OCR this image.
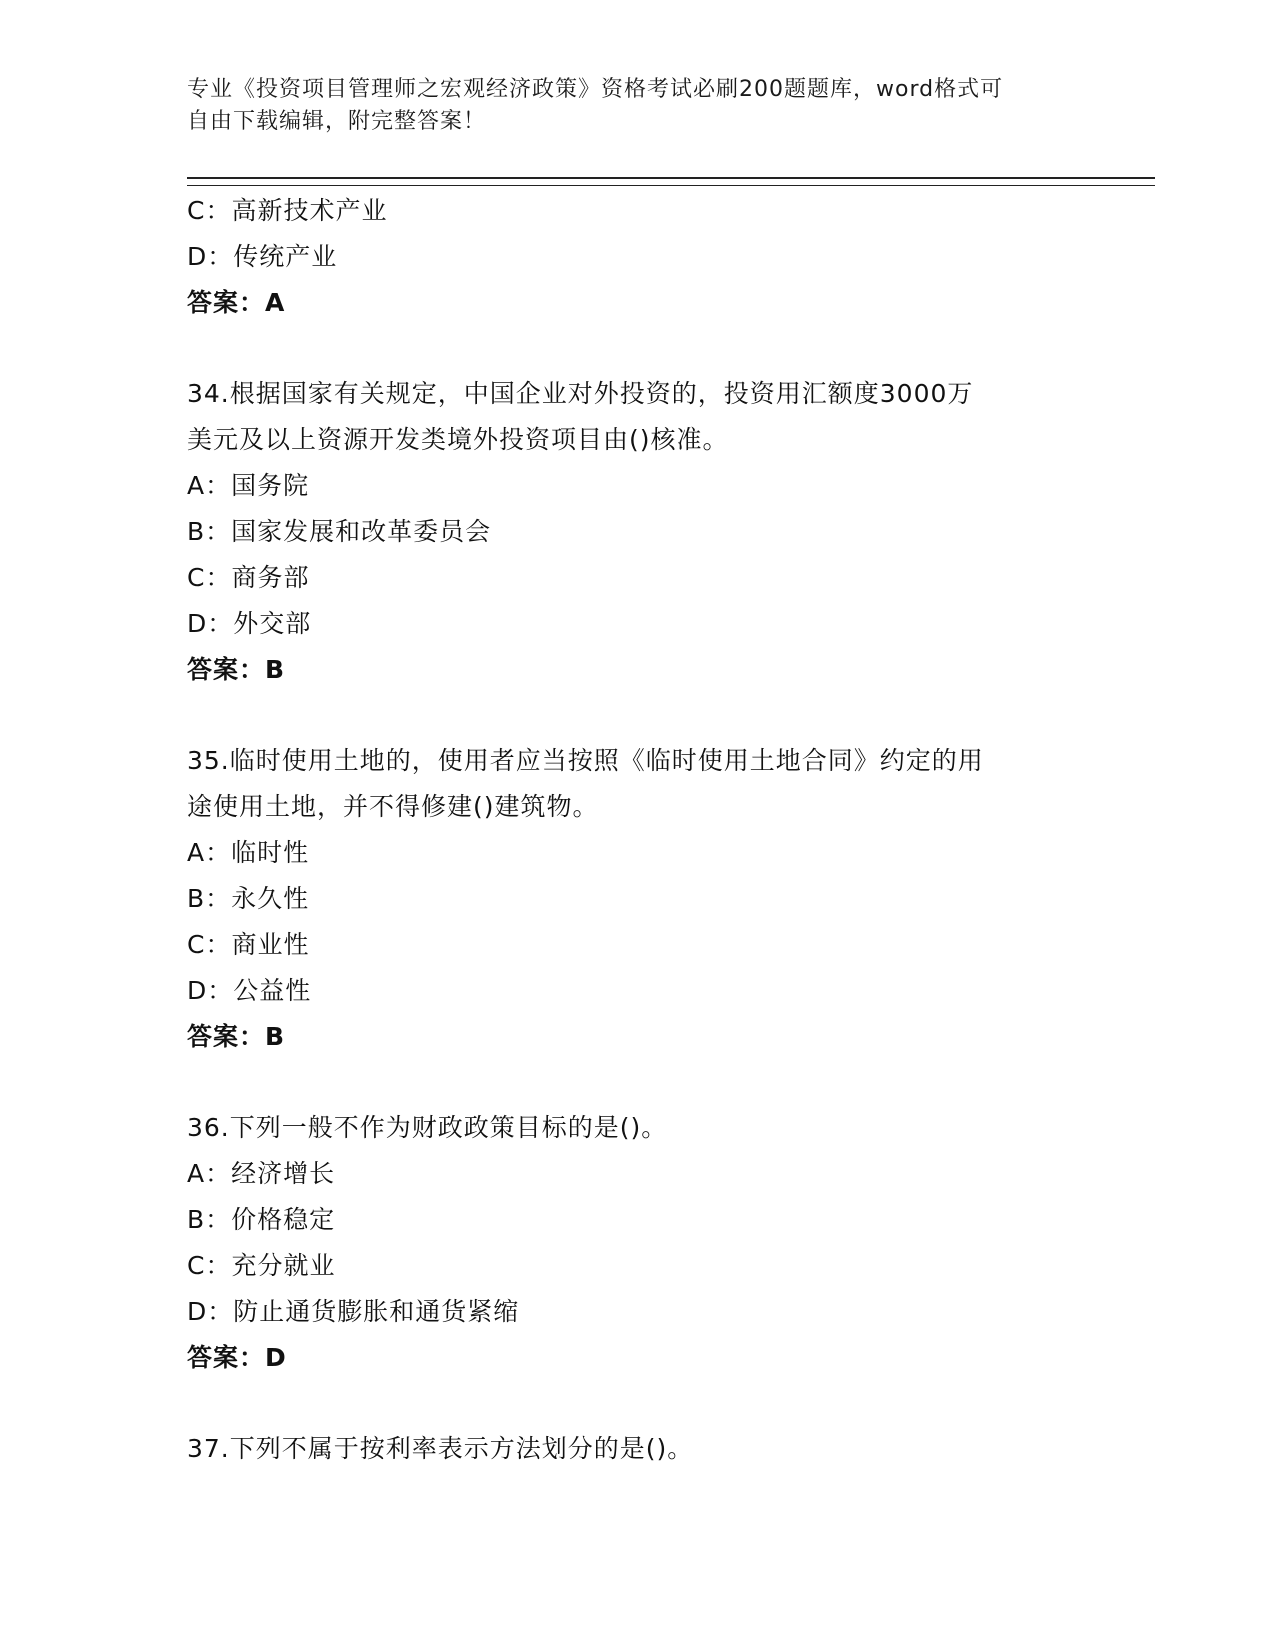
专业《投资项目管理师之宏观经济政策》资格考试必刷200题题库，word格式可
自由下载编辑，附完整答案！
C：高新技术产业
D：传统产业
答案：A
34.根据国家有关规定，中国企业对外投资的，投资用汇额度3000万
美元及以上资源开发类境外投资项目由()核准。
A：国务院
B：国家发展和改革委员会
C：商务部
D：外交部
答案：B
35.临时使用土地的，使用者应当按照《临时使用土地合同》约定的用
途使用土地，并不得修建()建筑物。
A：临时性
B：永久性
C：商业性
D：公益性
答案：B
36.下列一般不作为财政政策目标的是()。
A：经济增长
B：价格稳定
C：充分就业
D：防止通货膨胀和通货紧缩
答案：D
37.下列不属于按利率表示方法划分的是()。
